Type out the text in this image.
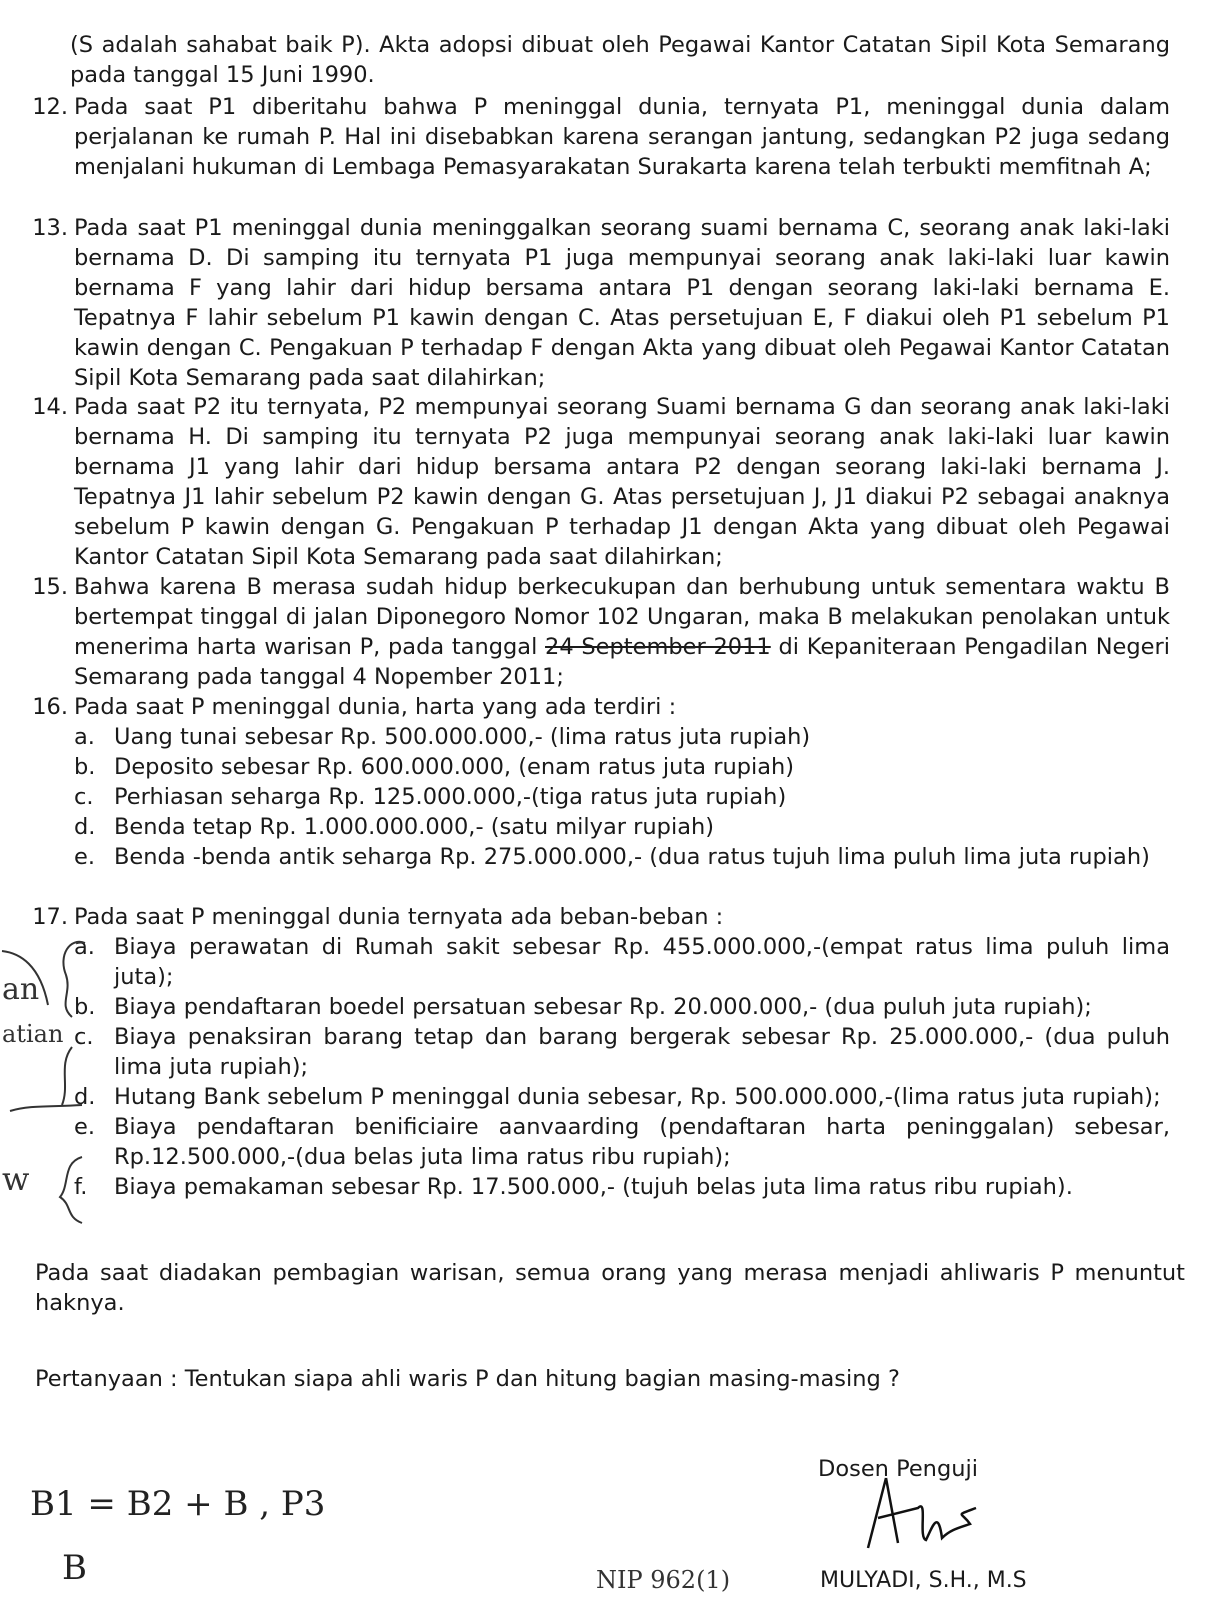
(S adalah sahabat baik P). Akta adopsi dibuat oleh Pegawai Kantor Catatan Sipil Kota Semarang pada tanggal 15 Juni 1990.

12. Pada saat P1 diberitahu bahwa P meninggal dunia, ternyata P1, meninggal dunia dalam perjalanan ke rumah P. Hal ini disebabkan karena serangan jantung, sedangkan P2 juga sedang menjalani hukuman di Lembaga Pemasyarakatan Surakarta karena telah terbukti memfitnah A;
13. Pada saat P1 meninggal dunia meninggalkan seorang suami bernama C, seorang anak laki-laki bernama D. Di samping itu ternyata P1 juga mempunyai seorang anak laki-laki luar kawin bernama F yang lahir dari hidup bersama antara P1 dengan seorang laki-laki bernama E. Tepatnya F lahir sebelum P1 kawin dengan C. Atas persetujuan E, F diakui oleh P1 sebelum P1 kawin dengan C. Pengakuan P terhadap F dengan Akta yang dibuat oleh Pegawai Kantor Catatan Sipil Kota Semarang pada saat dilahirkan;
14. Pada saat P2 itu ternyata, P2 mempunyai seorang Suami bernama G dan seorang anak laki-laki bernama H. Di samping itu ternyata P2 juga mempunyai seorang anak laki-laki luar kawin bernama J1 yang lahir dari hidup bersama antara P2 dengan seorang laki-laki bernama J. Tepatnya J1 lahir sebelum P2 kawin dengan G. Atas persetujuan J, J1 diakui P2 sebagai anaknya sebelum P kawin dengan G. Pengakuan P terhadap J1 dengan Akta yang dibuat oleh Pegawai Kantor Catatan Sipil Kota Semarang pada saat dilahirkan;
15. Bahwa karena B merasa sudah hidup berkecukupan dan berhubung untuk sementara waktu B bertempat tinggal di jalan Diponegoro Nomor 102 Ungaran, maka B melakukan penolakan untuk menerima harta warisan P, pada tanggal 24 September 2011 di Kepaniteraan Pengadilan Negeri Semarang pada tanggal 4 Nopember 2011;
16. Pada saat P meninggal dunia, harta yang ada terdiri :
a. Uang tunai sebesar Rp. 500.000.000,- (lima ratus juta rupiah)
b. Deposito sebesar Rp. 600.000.000, (enam ratus juta rupiah)
c. Perhiasan seharga Rp. 125.000.000,-(tiga ratus juta rupiah)
d. Benda tetap Rp. 1.000.000.000,- (satu milyar rupiah)
e. Benda -benda antik seharga Rp. 275.000.000,- (dua ratus tujuh lima puluh lima juta rupiah)
17. Pada saat P meninggal dunia ternyata ada beban-beban :
a. Biaya perawatan di Rumah sakit sebesar Rp. 455.000.000,-(empat ratus lima puluh lima juta);
b. Biaya pendaftaran boedel persatuan sebesar Rp. 20.000.000,- (dua puluh juta rupiah);
c. Biaya penaksiran barang tetap dan barang bergerak sebesar Rp. 25.000.000,- (dua puluh lima juta rupiah);
d. Hutang Bank sebelum P meninggal dunia sebesar, Rp. 500.000.000,-(lima ratus juta rupiah);
e. Biaya pendaftaran benificiaire aanvaarding (pendaftaran harta peninggalan) sebesar, Rp.12.500.000,-(dua belas juta lima ratus ribu rupiah);
f.	Biaya pemakaman sebesar Rp. 17.500.000,- (tujuh belas juta lima ratus ribu rupiah).
an
atian
w

Pada saat diadakan pembagian warisan, semua orang yang merasa menjadi ahliwaris P menuntut haknya.

Pertanyaan : Tentukan siapa ahli waris P dan hitung bagian masing-masing ?

Dosen Penguji

B1 = B2 + B , P3
B	NIP 962(1)	MULYADI, S.H., M.S
